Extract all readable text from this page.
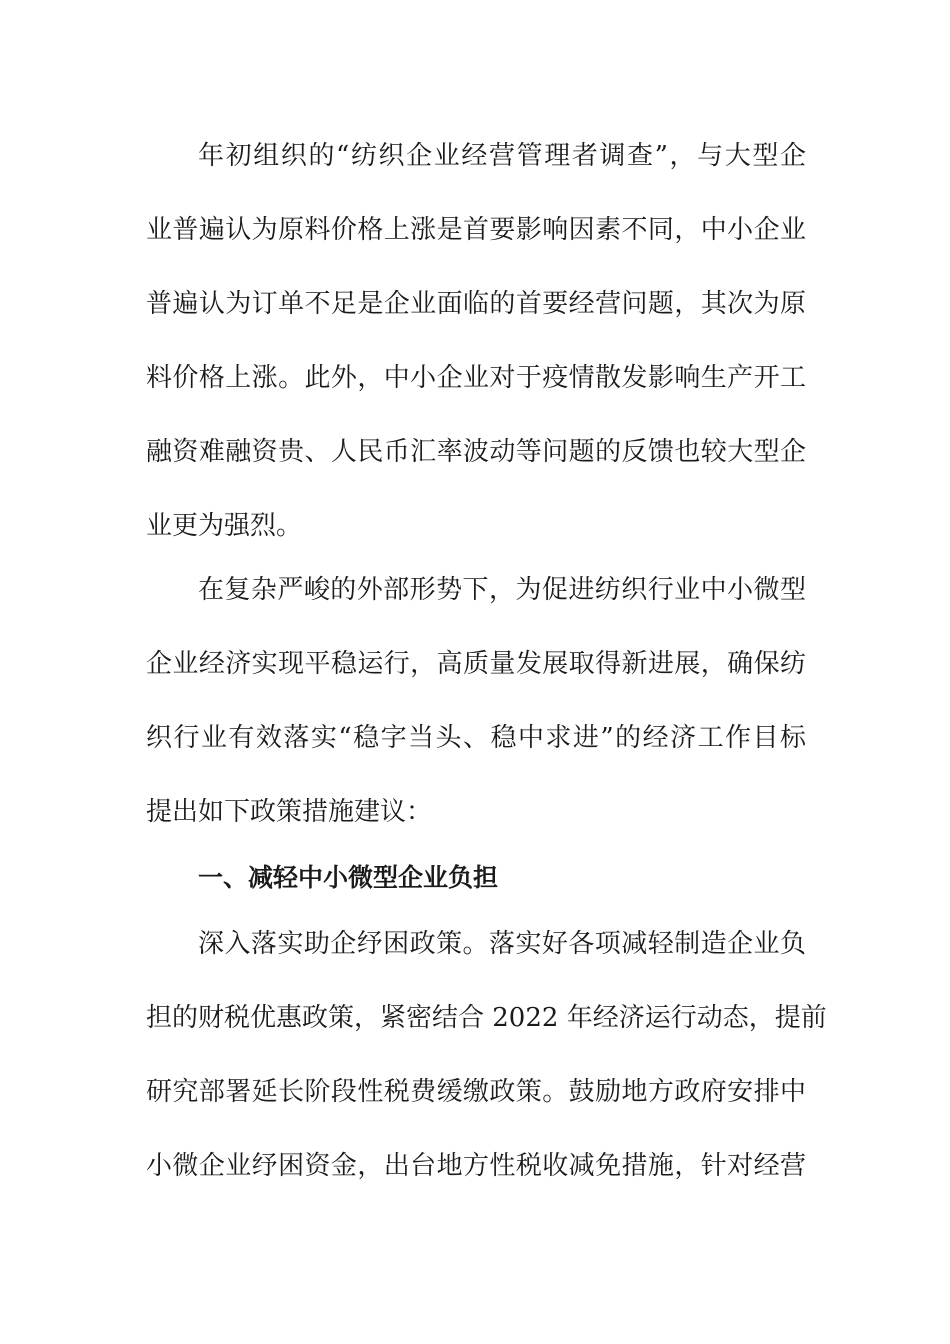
年初组织的“纺织企业经营管理者调查”，与大型企
业普遍认为原料价格上涨是首要影响因素不同，中小企业
普遍认为订单不足是企业面临的首要经营问题，其次为原
料价格上涨。此外，中小企业对于疫情散发影响生产开工
融资难融资贵、人民币汇率波动等问题的反馈也较大型企
业更为强烈。
在复杂严峻的外部形势下，为促进纺织行业中小微型
企业经济实现平稳运行，高质量发展取得新进展，确保纺
织行业有效落实“稳字当头、稳中求进”的经济工作目标
提出如下政策措施建议：
一、减轻中小微型企业负担
深入落实助企纾困政策。落实好各项减轻制造企业负
担的财税优惠政策，紧密结合 2022 年经济运行动态，提前
研究部署延长阶段性税费缓缴政策。鼓励地方政府安排中
小微企业纾困资金，出台地方性税收减免措施，针对经营
